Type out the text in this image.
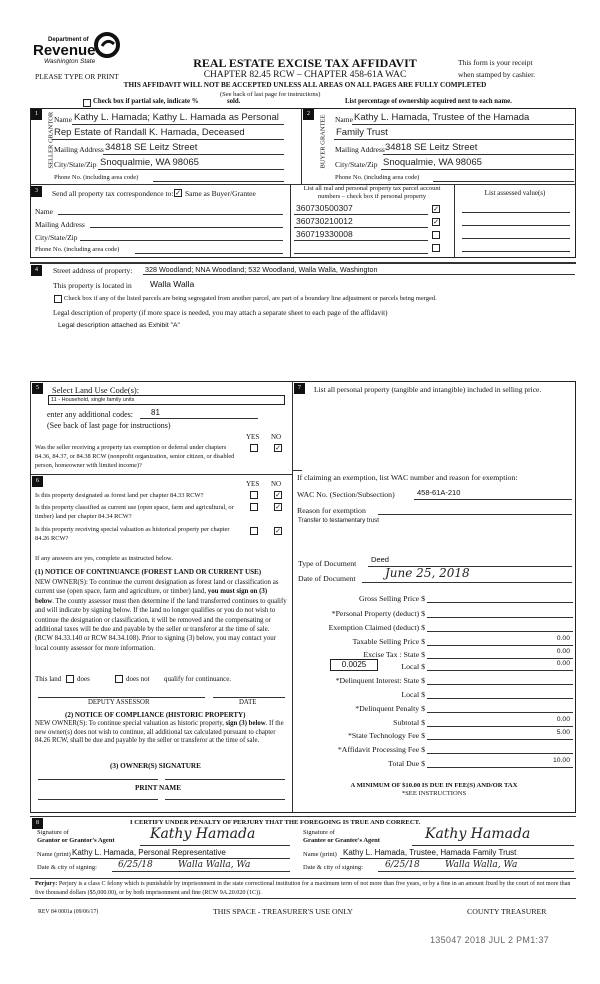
Department of
Revenue
Washington State	REAL ESTATE EXCISE TAX AFFIDAVIT
PLEASE TYPE OR PRINT	CHAPTER 82.45 RCW – CHAPTER 458-61A WAC
This form is your receipt
when stamped by cashier.
THIS AFFIDAVIT WILL NOT BE ACCEPTED UNLESS ALL AREAS ON ALL PAGES ARE FULLY COMPLETED
(See back of last page for instructions)
Check box if partial sale, indicate %	sold.	List percentage of ownership acquired next to each name.
1	SELLER GRANTOR Name Kathy L. Hamada; Kathy L. Hamada as Personal
Rep Estate of Randall K. Hamada, Deceased
Mailing Address 34818 SE Leitz Street
City/State/Zip Snoqualmie, WA 98065
Phone No. (including area code)
2
BUYER GRANTEE Name Kathy L. Hamada, Trustee of the Hamada
Family Trust
Mailing Address 34818 SE Leitz Street
City/State/Zip Snoqualmie, WA 98065
Phone No. (including area code)
3	Send all property tax correspondence to: ✓ Same as Buyer/Grantee
Name
Mailing Address
City/State/Zip
Phone No. (including area code)
List all real and personal property tax parcel account
numbers – check box if personal property	List assessed value(s)
360730500307	✓
360730210012	✓
360719330008
4	Street address of property: 328 Woodland; NNA Woodland; 532 Woodland, Walla Walla, Washington
This property is located in Walla Walla
Check box if any of the listed parcels are being segregated from another parcel, are part of a boundary line adjustment or parcels being merged.
Legal description of property (if more space is needed, you may attach a separate sheet to each page of the affidavit)
Legal description attached as Exhibit "A"
5	Select Land Use Code(s):
11 - Household, single family units
enter any additional codes: 81
(See back of last page for instructions)
YES NO
Was the seller receiving a property tax exemption or deferral under chapters 84.36, 84.37, or 84.38 RCW (nonprofit organization, senior citizen, or disabled person, homeowner with limited income)?
✓
6	YES NO
Is this property designated as forest land per chapter 84.33 RCW?	✓
Is this property classified as current use (open space, farm and agricultural, or timber) land per chapter 84.34 RCW?
✓
Is this property receiving special valuation as historical property per chapter 84.26 RCW?
✓
If any answers are yes, complete as instructed below.
(1) NOTICE OF CONTINUANCE (FOREST LAND OR CURRENT USE)
NEW OWNER(S): To continue the current designation as forest land or classification as current use (open space, farm and agriculture, or timber) land, you must sign on (3) below. The county assessor must then determine if the land transferred continues to qualify and will indicate by signing below. If the land no longer qualifies or you do not wish to continue the designation or classification, it will be removed and the compensating or additional taxes will be due and payable by the seller or transferor at the time of sale. (RCW 84.33.140 or RCW 84.34.108). Prior to signing (3) below, you may contact your local county assessor for more information.
This land does	does not qualify for continuance.
DEPUTY ASSESSOR	DATE
(2) NOTICE OF COMPLIANCE (HISTORIC PROPERTY)
NEW OWNER(S): To continue special valuation as historic property, sign (3) below. If the new owner(s) does not wish to continue, all additional tax calculated pursuant to chapter 84.26 RCW, shall be due and payable by the seller or transferor at the time of sale.
(3) OWNER(S) SIGNATURE
PRINT NAME
7	List all personal property (tangible and intangible) included in selling price.
If claiming an exemption, list WAC number and reason for exemption:
WAC No. (Section/Subsection)	458-61A-210
Reason for exemption
Transfer to testamentary trust
Type of Document Deed
Date of Document June 25, 2018
0.0025
Gross Selling Price $
*Personal Property (deduct) $
Exemption Claimed (deduct) $
Taxable Selling Price $	0.00
Excise Tax : State $	0.00
Local $	0.00
*Delinquent Interest: State $
Local $
*Delinquent Penalty $
Subtotal $	0.00
*State Technology Fee $	5.00
*Affidavit Processing Fee $
Total Due $	10.00
A MINIMUM OF $10.00 IS DUE IN FEE(S) AND/OR TAX
*SEE INSTRUCTIONS
8	I CERTIFY UNDER PENALTY OF PERJURY THAT THE FOREGOING IS TRUE AND CORRECT.
Signature of
Grantor or Grantor's Agent	Kathy Hamada	Signature of
Grantee or Grantee's Agent	Kathy Hamada
Name (print) Kathy L. Hamada, Personal Representative	Name (print) Kathy L. Hamada, Trustee, Hamada Family Trust
Date & city of signing: 6/25/18	Walla Walla, Wa	Date & city of signing: 6/25/18	Walla Walla, Wa
Perjury: Perjury is a class C felony which is punishable by imprisonment in the state correctional institution for a maximum term of not more than five years, or by a fine in an amount fixed by the court of not more than five thousand dollars ($5,000.00), or by both imprisonment and fine (RCW 9A.20.020 (1C)).
REV 84 0001a (09/06/17)	THIS SPACE - TREASURER'S USE ONLY	COUNTY TREASURER
135047 2018 JUL 2 PM1:37
